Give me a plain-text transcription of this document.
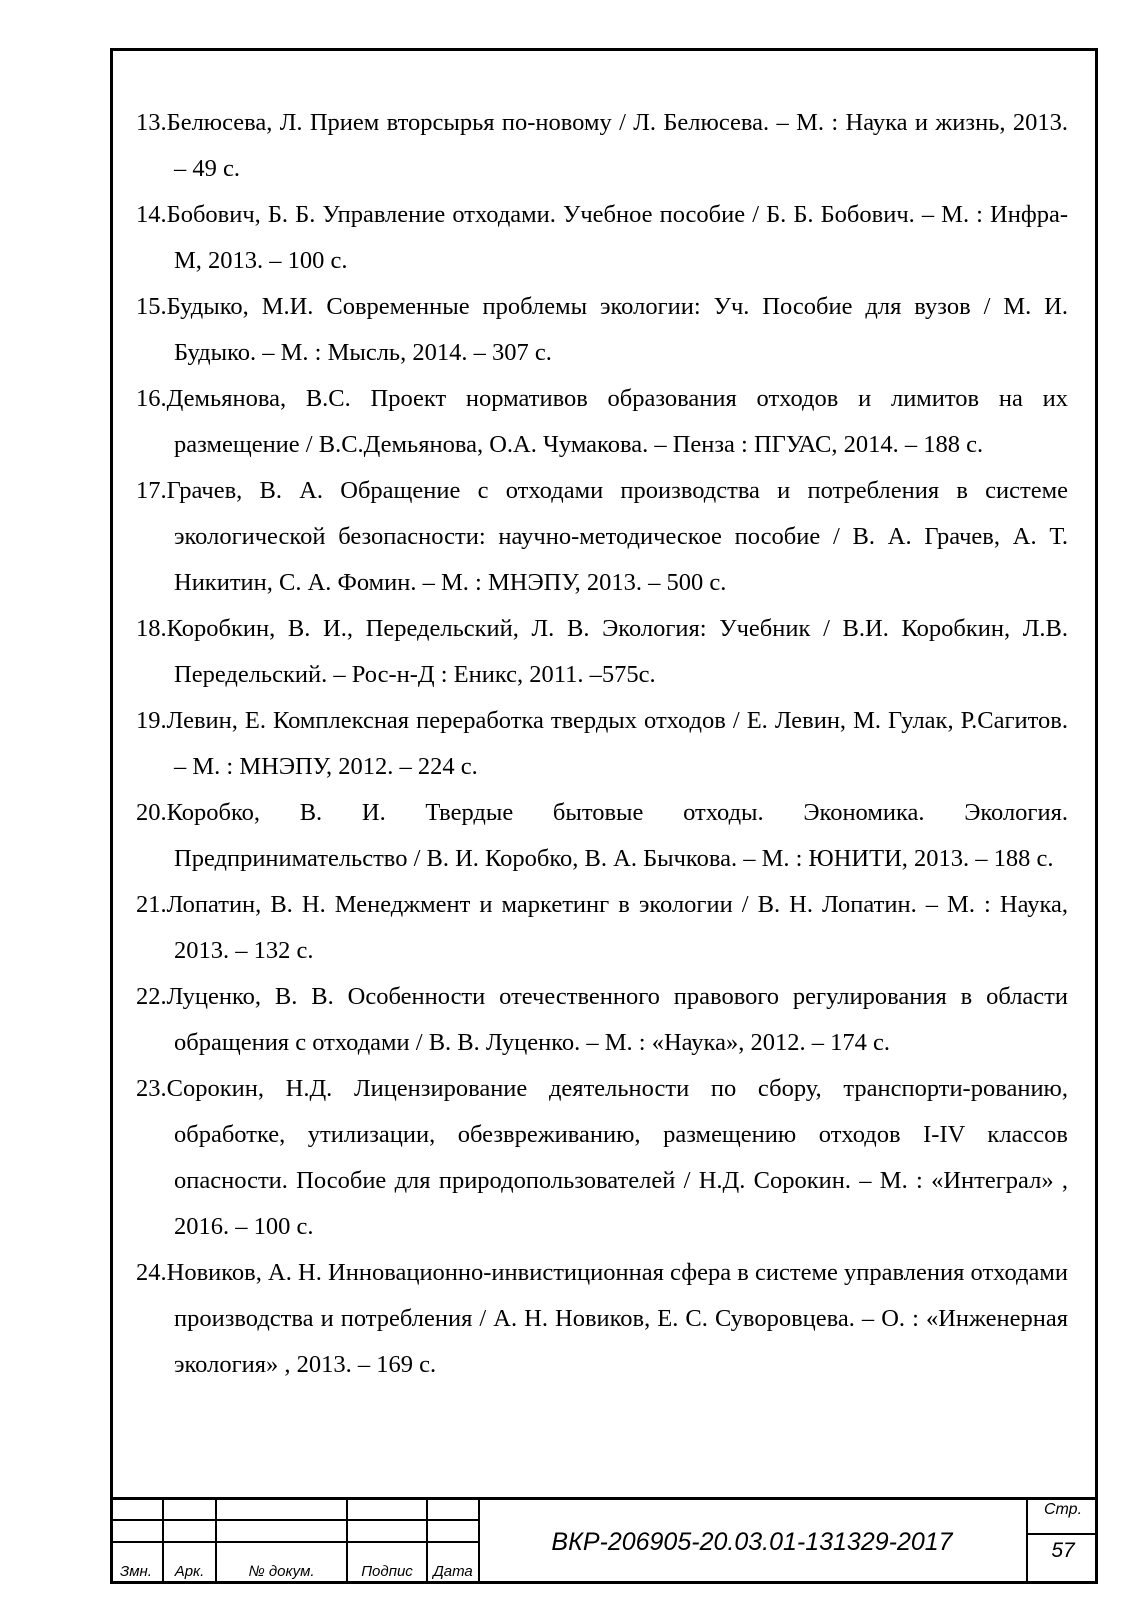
13.Белюсева, Л. Прием вторсырья по-новому / Л. Белюсева. – М. : Наука и жизнь, 2013. – 49 с.
14.Бобович, Б. Б. Управление отходами. Учебное пособие / Б. Б. Бобович. – М. : Инфра-М, 2013. – 100 с.
15.Будыко, М.И. Современные проблемы экологии: Уч. Пособие для вузов / М. И. Будыко. – М. : Мысль, 2014. – 307 с.
16.Демьянова, В.С. Проект нормативов образования отходов и лимитов на их размещение / В.С.Демьянова, О.А. Чумакова. – Пенза : ПГУАС, 2014. – 188 с.
17.Грачев, В. А. Обращение с отходами производства и потребления в системе экологической безопасности: научно-методическое пособие / В. А. Грачев, А. Т. Никитин, С. А. Фомин. – М. : МНЭПУ, 2013. – 500 с.
18.Коробкин, В. И., Передельский, Л. В. Экология: Учебник / В.И. Коробкин, Л.В. Передельский. – Рос-н-Д : Еникс, 2011. –575с.
19.Левин, Е. Комплексная переработка твердых отходов / Е. Левин, М. Гулак, Р.Сагитов. – М. : МНЭПУ, 2012. – 224 с.
20.Коробко, В. И. Твердые бытовые отходы. Экономика. Экология. Предпринимательство / В. И. Коробко, В. А. Бычкова. – М. : ЮНИТИ, 2013. – 188 с.
21.Лопатин, В. Н. Менеджмент и маркетинг в экологии / В. Н. Лопатин. – М. : Наука, 2013. – 132 с.
22.Луценко, В. В. Особенности отечественного правового регулирования в области обращения с отходами / В. В. Луценко. – М. : «Наука», 2012. – 174 с.
23.Сорокин, Н.Д. Лицензирование деятельности по сбору, транспорти-рованию, обработке, утилизации, обезвреживанию, размещению отходов I-IV классов опасности. Пособие для природопользователей / Н.Д. Сорокин. – М. : «Интеграл» , 2016. – 100 с.
24.Новиков, А. Н. Инновационно-инвистиционная сфера в системе управления отходами производства и потребления / А. Н. Новиков, Е. С. Суворовцева. – О. : «Инженерная экология» , 2013. – 169 с.
Змн.	Арк.	№ докум.	Подпис	Дата
ВКР-206905-20.03.01-131329-2017
Стр.
57
